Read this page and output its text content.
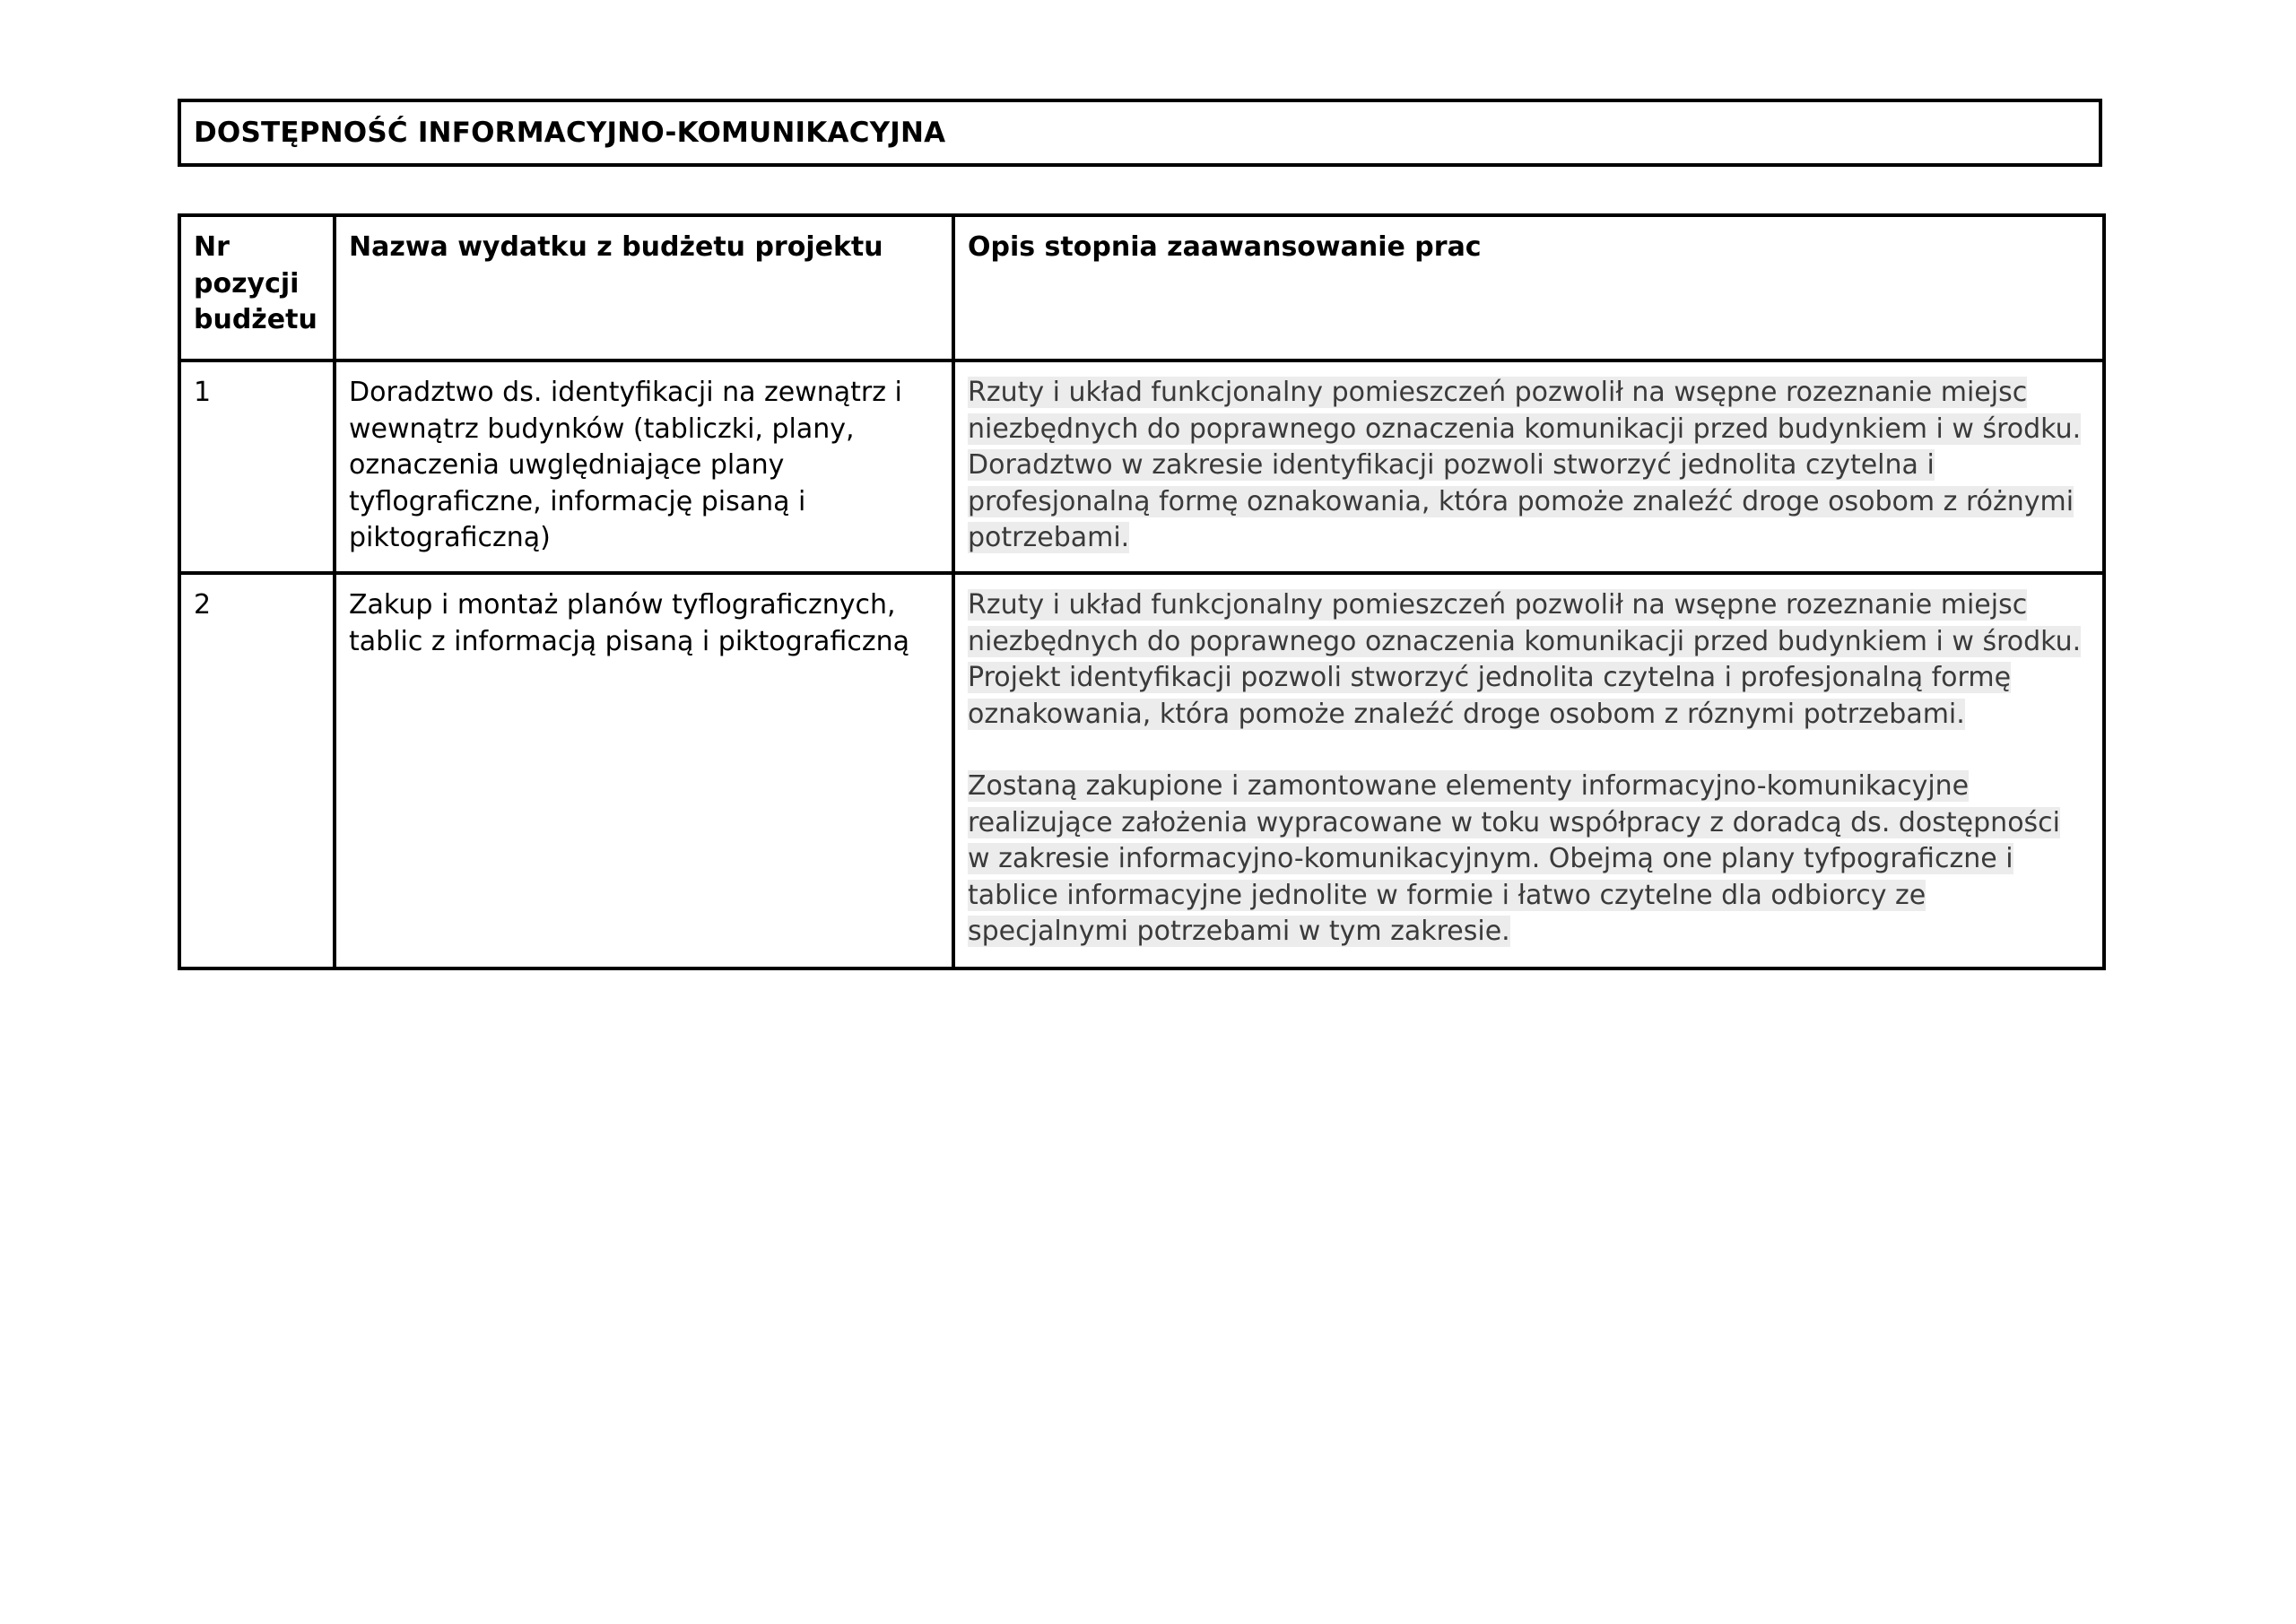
DOSTĘPNOŚĆ INFORMACYJNO-KOMUNIKACYJNA
Nr pozycji budżetu	Nazwa wydatku z budżetu projektu	Opis stopnia zaawansowanie prac
1	Doradztwo ds. identyfikacji na zewnątrz i wewnątrz budynków (tabliczki, plany, oznaczenia uwględniające plany tyflograficzne, informację pisaną i piktograficzną)	Rzuty i układ funkcjonalny pomieszczeń pozwolił na wsępne rozeznanie miejsc niezbędnych do poprawnego oznaczenia komunikacji przed budynkiem i w środku. Doradztwo w zakresie identyfikacji pozwoli stworzyć jednolita czytelna i profesjonalną formę oznakowania, która pomoże znaleźć droge osobom z różnymi potrzebami.

2	Zakup i montaż planów tyflograficznych, tablic z informacją pisaną i piktograficzną	Rzuty i układ funkcjonalny pomieszczeń pozwolił na wsępne rozeznanie miejsc niezbędnych do poprawnego oznaczenia komunikacji przed budynkiem i w środku. Projekt identyfikacji pozwoli stworzyć jednolita czytelna i profesjonalną formę oznakowania, która pomoże znaleźć droge osobom z róznymi potrzebami.
Zostaną zakupione i zamontowane elementy informacyjno-komunikacyjne realizujące założenia wypracowane w toku współpracy z doradcą ds. dostępności w zakresie informacyjno-komunikacyjnym. Obejmą one plany tyfpograficzne i tablice informacyjne jednolite w formie i łatwo czytelne dla odbiorcy ze specjalnymi potrzebami w tym zakresie.
